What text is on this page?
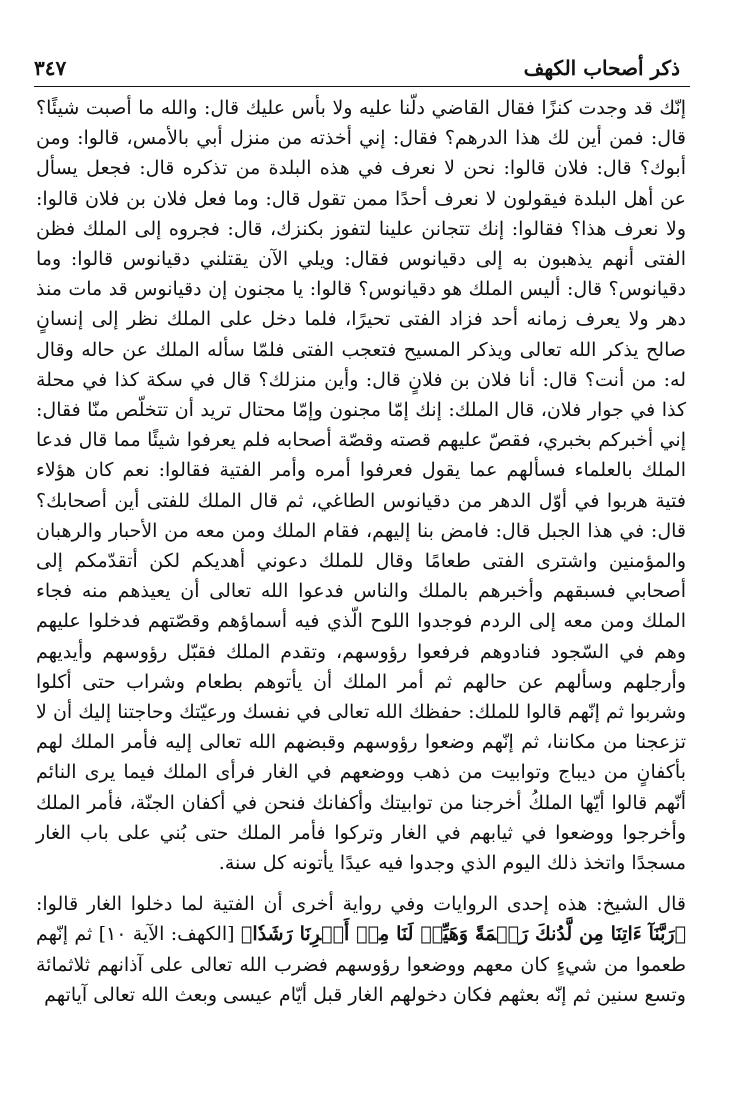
ذكر أصحاب الكهف
٣٤٧

إنّك قد وجدت كنزًا فقال القاضي دلّنا عليه ولا بأس عليك قال: والله ما أصبت شيئًا؟ قال: فمن أين لك هذا الدرهم؟ فقال: إني أخذته من منزل أبي بالأمس، قالوا: ومن أبوك؟ قال: فلان قالوا: نحن لا نعرف في هذه البلدة من تذكره قال: فجعل يسأل عن أهل البلدة فيقولون لا نعرف أحدًا ممن تقول قال: وما فعل فلان بن فلان قالوا: ولا نعرف هذا؟ فقالوا: إنك تتجانن علينا لتفوز بكنزك، قال: فجروه إلى الملك فظن الفتى أنهم يذهبون به إلى دقيانوس فقال: ويلي الآن يقتلني دقيانوس قالوا: وما دقيانوس؟ قال: أليس الملك هو دقيانوس؟ قالوا: يا مجنون إن دقيانوس قد مات منذ دهر ولا يعرف زمانه أحد فزاد الفتى تحيرًا، فلما دخل على الملك نظر إلى إنسانٍ صالح يذكر الله تعالى ويذكر المسيح فتعجب الفتى فلمّا سأله الملك عن حاله وقال له: من أنت؟ قال: أنا فلان بن فلانٍ قال: وأين منزلك؟ قال في سكة كذا في محلة كذا في جوار فلان، قال الملك: إنك إمّا مجنون وإمّا محتال تريد أن تتخلّص منّا فقال: إني أخبركم بخبري، فقصّ عليهم قصته وقصّة أصحابه فلم يعرفوا شيئًا مما قال فدعا الملك بالعلماء فسألهم عما يقول فعرفوا أمره وأمر الفتية فقالوا: نعم كان هؤلاء فتية هربوا في أوّل الدهر من دقيانوس الطاغي، ثم قال الملك للفتى أين أصحابك؟ قال: في هذا الجبل قال: فامض بنا إليهم، فقام الملك ومن معه من الأحبار والرهبان والمؤمنين واشترى الفتى طعامًا وقال للملك دعوني أهديكم لكن أتقدّمكم إلى أصحابي فسبقهم وأخبرهم بالملك والناس فدعوا الله تعالى أن يعيذهم منه فجاء الملك ومن معه إلى الردم فوجدوا اللوح الّذي فيه أسماؤهم وقصّتهم فدخلوا عليهم وهم في السّجود فنادوهم فرفعوا رؤوسهم، وتقدم الملك فقبّل رؤوسهم وأيديهم وأرجلهم وسألهم عن حالهم ثم أمر الملك أن يأتوهم بطعام وشراب حتى أكلوا وشربوا ثم إنّهم قالوا للملك: حفظك الله تعالى في نفسك ورعيّتك وحاجتنا إليك أن لا تزعجنا من مكاننا، ثم إنّهم وضعوا رؤوسهم وقبضهم الله تعالى إليه فأمر الملك لهم بأكفانٍ من ديباج وتوابيت من ذهب ووضعهم في الغار فرأى الملك فيما يرى النائم أنّهم قالوا أيّها الملكُ أخرجنا من توابيتك وأكفانك فنحن في أكفان الجنّة، فأمر الملك وأخرجوا ووضعوا في ثيابهم في الغار وتركوا فأمر الملك حتى بُني على باب الغار مسجدًا واتخذ ذلك اليوم الذي وجدوا فيه عيدًا يأتونه كل سنة.

قال الشيخ: هذه إحدى الروايات وفي رواية أخرى أن الفتية لما دخلوا الغار قالوا: ﴿رَبَّنَآ ءَاتِنَا مِن لَّدُنكَ رَحۡمَةً وَهَيِّئۡ لَنَا مِنۡ أَمۡرِنَا رَشَدٗا﴾ [الكهف: الآية ١٠] ثم إنّهم طعموا من شيءٍ كان معهم ووضعوا رؤوسهم فضرب الله تعالى على آذانهم ثلاثمائة وتسع سنين ثم إنّه بعثهم فكان دخولهم الغار قبل أيّام عيسى وبعث الله تعالى آياتهم
